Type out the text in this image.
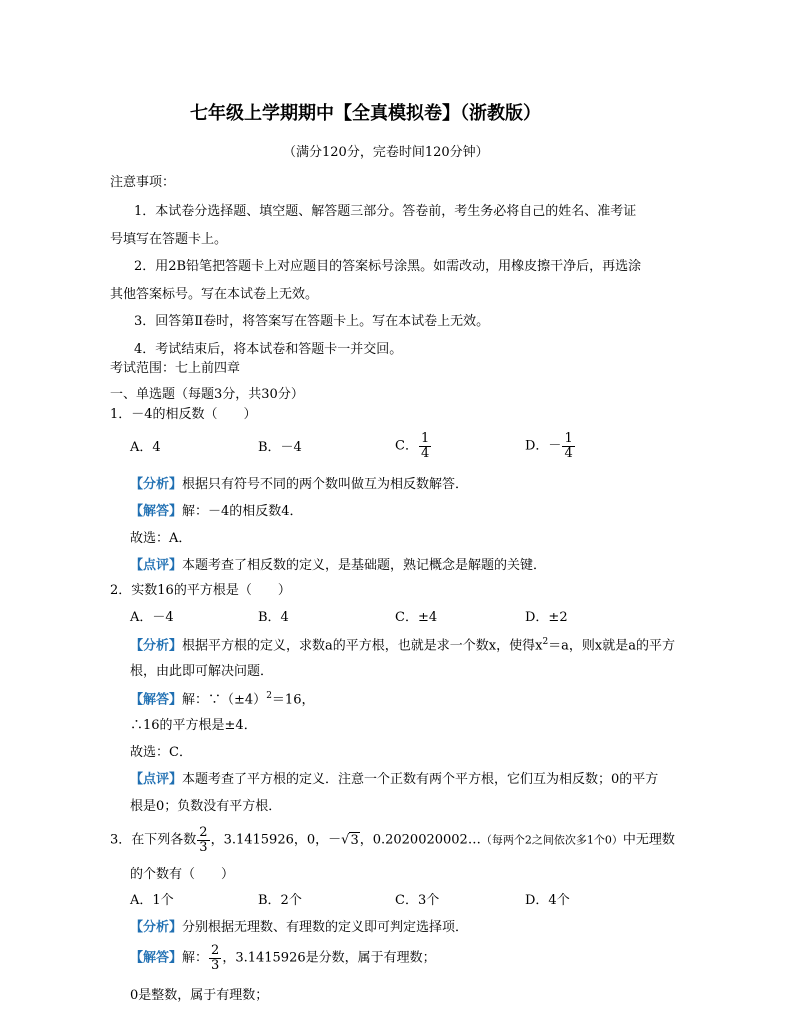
七年级上学期期中【全真模拟卷】（浙教版）
（满分120分，完卷时间120分钟）
注意事项：
1．本试卷分选择题、填空题、解答题三部分。答卷前，考生务必将自己的姓名、准考证
号填写在答题卡上。
2．用2B铅笔把答题卡上对应题目的答案标号涂黑。如需改动，用橡皮擦干净后，再选涂
其他答案标号。写在本试卷上无效。
3．回答第Ⅱ卷时，将答案写在答题卡上。写在本试卷上无效。
4．考试结束后，将本试卷和答题卡一并交回。
考试范围：七上前四章
一、单选题（每题3分，共30分）
1．－4的相反数（　　）
A．4	B．－4	C． $\frac{1}{4}$	D．－ $\frac{1}{4}$
【分析】根据只有符号不同的两个数叫做互为相反数解答．
【解答】解：－4的相反数4．
故选：A．
【点评】本题考查了相反数的定义，是基础题，熟记概念是解题的关键．
2．实数16的平方根是（　　）
A．－4	B．4	C．±4	D．±2
【分析】根据平方根的定义，求数a的平方根，也就是求一个数x，使得$x^2=a$，则x就是a的平方
根，由此即可解决问题．
【解答】解：$\because(\pm 4)^2=16$，
∴16的平方根是±4．
故选：C．
【点评】本题考查了平方根的定义．注意一个正数有两个平方根，它们互为相反数；0的平方
根是0；负数没有平方根．
3．在下列各数 $\frac{2}{3}$ ，3.1415926，0，－√3，0.2020020002…（每两个2之间依次多1个0）中无理数
的个数有（　　）
A．1个	B．2个	C．3个	D．4个
【分析】分别根据无理数、有理数的定义即可判定选择项．
【解答】解： $\frac{2}{3}$ ，3.1415926是分数，属于有理数；
0是整数，属于有理数；
